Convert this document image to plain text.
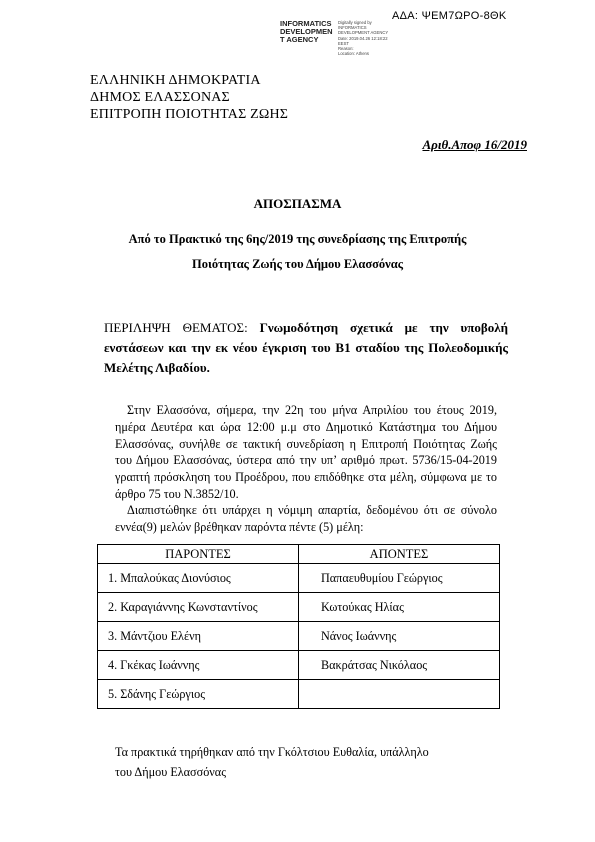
ΑΔΑ: ΨΕΜ7ΩΡΟ-8ΘΚ
INFORMATICS
DEVELOPMEN
T AGENCY
Digitally signed by
INFORMATICS
DEVELOPMENT AGENCY
Date: 2019.04.26 12:18:22
EEST
Reason:
Location: Athens
ΕΛΛΗΝΙΚΗ ΔΗΜΟΚΡΑΤΙΑ
ΔΗΜΟΣ ΕΛΑΣΣΟΝΑΣ
ΕΠΙΤΡΟΠΗ ΠΟΙΟΤΗΤΑΣ ΖΩΗΣ
Αριθ.Αποφ 16/2019
ΑΠΟΣΠΑΣΜΑ
Από το Πρακτικό της 6ης/2019 της συνεδρίασης της Επιτροπής
Ποιότητας Ζωής του Δήμου Ελασσόνας
ΠΕΡΙΛΗΨΗ ΘΕΜΑΤΟΣ: Γνωμοδότηση σχετικά με την υποβολή ενστάσεων και την εκ νέου έγκριση του Β1 σταδίου της Πολεοδομικής Μελέτης Λιβαδίου.
Στην Ελασσόνα, σήμερα, την 22η του μήνα Απριλίου του έτους 2019, ημέρα Δευτέρα και ώρα 12:00 μ.μ στο Δημοτικό Κατάστημα του Δήμου Ελασσόνας, συνήλθε σε τακτική συνεδρίαση η Επιτροπή Ποιότητας Ζωής του Δήμου Ελασσόνας, ύστερα από την υπ’ αριθμό πρωτ. 5736/15-04-2019 γραπτή πρόσκληση του Προέδρου, που επιδόθηκε στα μέλη, σύμφωνα με το άρθρο 75 του Ν.3852/10.
Διαπιστώθηκε ότι υπάρχει η νόμιμη απαρτία, δεδομένου ότι σε σύνολο εννέα(9) μελών βρέθηκαν παρόντα πέντε (5) μέλη:
ΠΑΡΟΝΤΕΣ	ΑΠΟΝΤΕΣ
1. Μπαλούκας Διονύσιος	Παπαευθυμίου Γεώργιος
2. Καραγιάννης Κωνσταντίνος	Κωτούκας Ηλίας
3. Μάντζιου Ελένη	Νάνος Ιωάννης
4. Γκέκας Ιωάννης	Βακράτσας Νικόλαος
5. Σδάνης Γεώργιος	
Τα πρακτικά τηρήθηκαν από την Γκόλτσιου Ευθαλία, υπάλληλο
του Δήμου Ελασσόνας
